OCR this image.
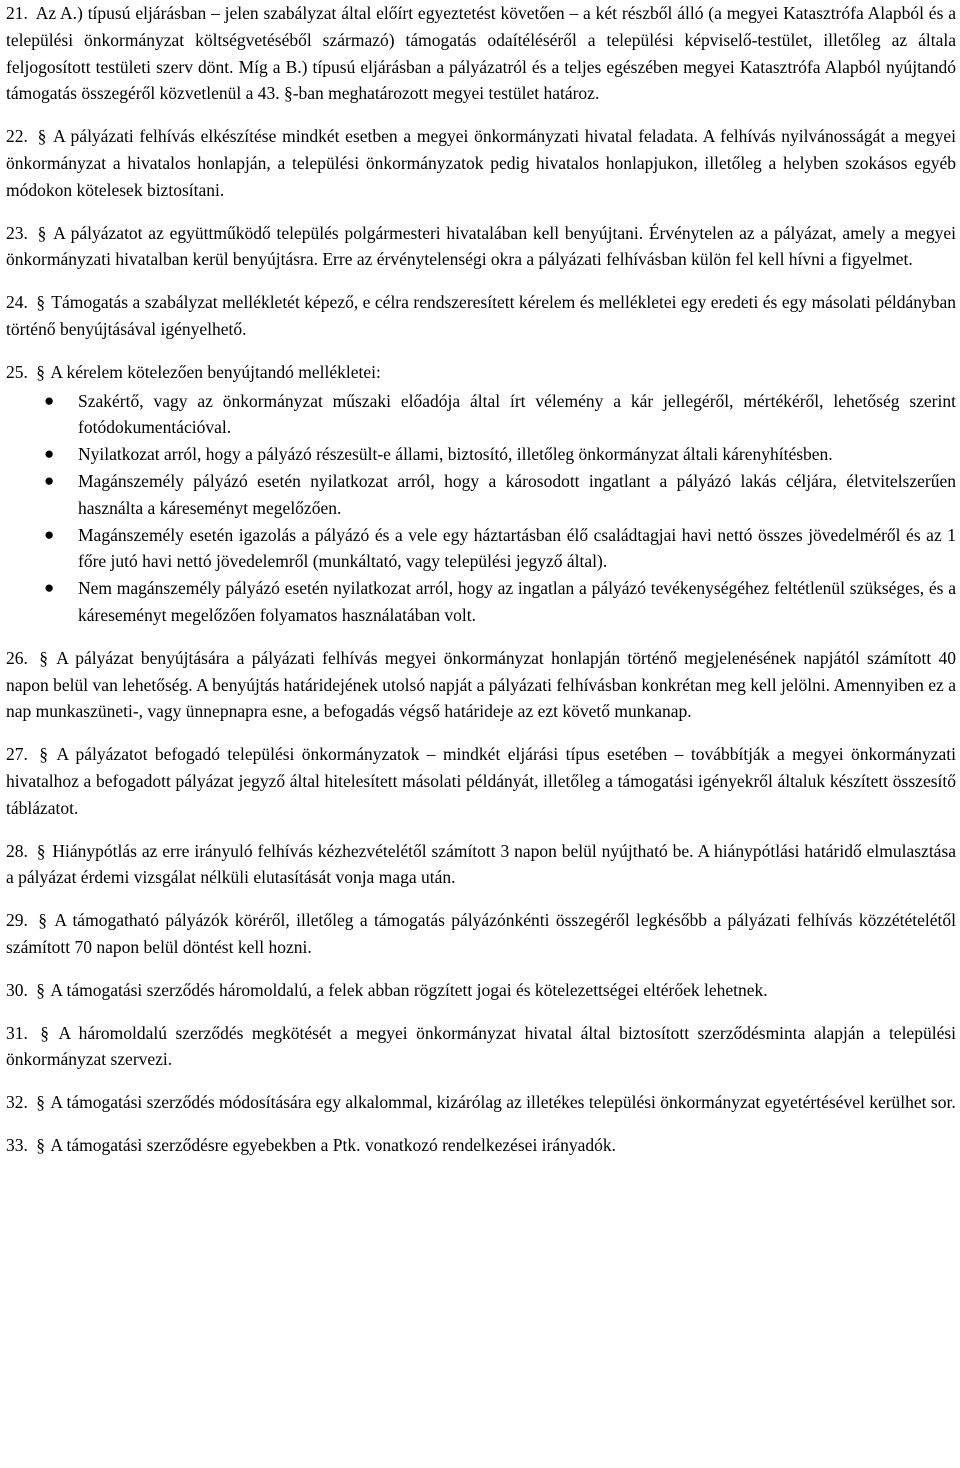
21. Az A.) típusú eljárásban – jelen szabályzat által előírt egyeztetést követően – a két részből álló (a megyei Katasztrófa Alapból és a települési önkormányzat költségvetéséből származó) támogatás odaítéléséről a települési képviselő-testület, illetőleg az általa feljogosított testületi szerv dönt. Míg a B.) típusú eljárásban a pályázatról és a teljes egészében megyei Katasztrófa Alapból nyújtandó támogatás összegéről közvetlenül a 43. §-ban meghatározott megyei testület határoz.

22. § A pályázati felhívás elkészítése mindkét esetben a megyei önkormányzati hivatal feladata. A felhívás nyilvánosságát a megyei önkormányzat a hivatalos honlapján, a települési önkormányzatok pedig hivatalos honlapjukon, illetőleg a helyben szokásos egyéb módokon kötelesek biztosítani.

23. § A pályázatot az együttműködő település polgármesteri hivatalában kell benyújtani. Érvénytelen az a pályázat, amely a megyei önkormányzati hivatalban kerül benyújtásra. Erre az érvénytelenségi okra a pályázati felhívásban külön fel kell hívni a figyelmet.

24. § Támogatás a szabályzat mellékletét képező, e célra rendszeresített kérelem és mellékletei egy eredeti és egy másolati példányban történő benyújtásával igényelhető.

25. § A kérelem kötelezően benyújtandó mellékletei:

● Szakértő, vagy az önkormányzat műszaki előadója által írt vélemény a kár jellegéről, mértékéről, lehetőség szerint fotódokumentációval.
● Nyilatkozat arról, hogy a pályázó részesült-e állami, biztosító, illetőleg önkormányzat általi kárenyhítésben.
● Magánszemély pályázó esetén nyilatkozat arról, hogy a károsodott ingatlant a pályázó lakás céljára, életvitelszerűen használta a káreseményt megelőzően.
● Magánszemély esetén igazolás a pályázó és a vele egy háztartásban élő családtagjai havi nettó összes jövedelméről és az 1 főre jutó havi nettó jövedelemről (munkáltató, vagy települési jegyző által).
● Nem magánszemély pályázó esetén nyilatkozat arról, hogy az ingatlan a pályázó tevékenységéhez feltétlenül szükséges, és a káreseményt megelőzően folyamatos használatában volt.

26. § A pályázat benyújtására a pályázati felhívás megyei önkormányzat honlapján történő megjelenésének napjától számított 40 napon belül van lehetőség. A benyújtás határidejének utolsó napját a pályázati felhívásban konkrétan meg kell jelölni. Amennyiben ez a nap munkaszüneti-, vagy ünnepnapra esne, a befogadás végső határideje az ezt követő munkanap.

27. § A pályázatot befogadó települési önkormányzatok – mindkét eljárási típus esetében – továbbítják a megyei önkormányzati hivatalhoz a befogadott pályázat jegyző által hitelesített másolati példányát, illetőleg a támogatási igényekről általuk készített összesítő táblázatot.

28. § Hiánypótlás az erre irányuló felhívás kézhezvételétől számított 3 napon belül nyújtható be. A hiánypótlási határidő elmulasztása a pályázat érdemi vizsgálat nélküli elutasítását vonja maga után.

29. § A támogatható pályázók köréről, illetőleg a támogatás pályázónkénti összegéről legkésőbb a pályázati felhívás közzétételétől számított 70 napon belül döntést kell hozni.

30. § A támogatási szerződés háromoldalú, a felek abban rögzített jogai és kötelezettségei eltérőek lehetnek.

31. § A háromoldalú szerződés megkötését a megyei önkormányzat hivatal által biztosított szerződésminta alapján a települési önkormányzat szervezi.

32. § A támogatási szerződés módosítására egy alkalommal, kizárólag az illetékes települési önkormányzat egyetértésével kerülhet sor.

33. § A támogatási szerződésre egyebekben a Ptk. vonatkozó rendelkezései irányadók.
